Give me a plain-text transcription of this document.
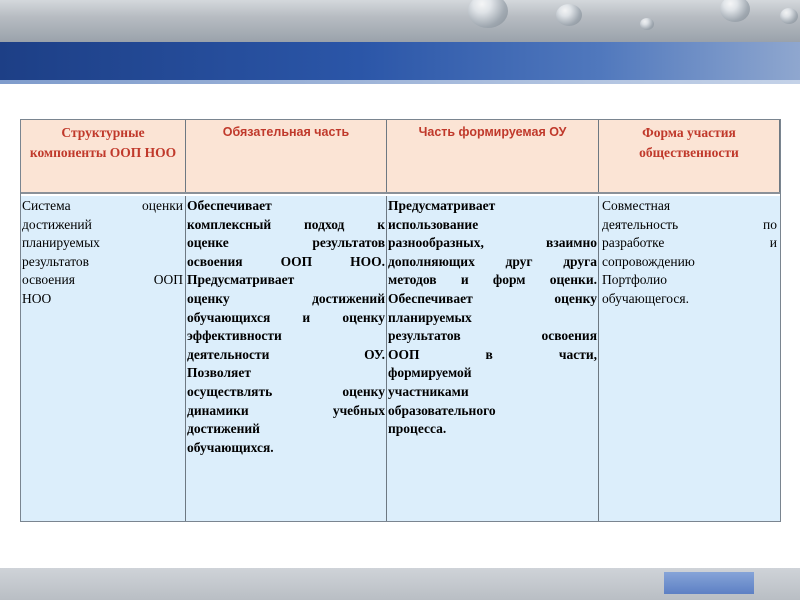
Структурные компоненты ООП НОО
Обязательная часть	Часть формируемая ОУ	Форма участия общественности
Система оценки
достижений
планируемых
результатов
освоения ООП
НОО
Обеспечивает
комплексный подход к
оценке результатов
освоения ООП НОО.
Предусматривает
оценку достижений
обучающихся и оценку
эффективности
деятельности ОУ.
Позволяет
осуществлять оценку
динамики учебных
достижений
обучающихся.
Предусматривает
использование
разнообразных, взаимно
дополняющих друг друга
методов и форм оценки.
Обеспечивает оценку
планируемых
результатов освоения
ООП в части,
формируемой
участниками
образовательного
процесса.
Совместная
деятельность по
разработке и
сопровождению
Портфолио
обучающегося.
